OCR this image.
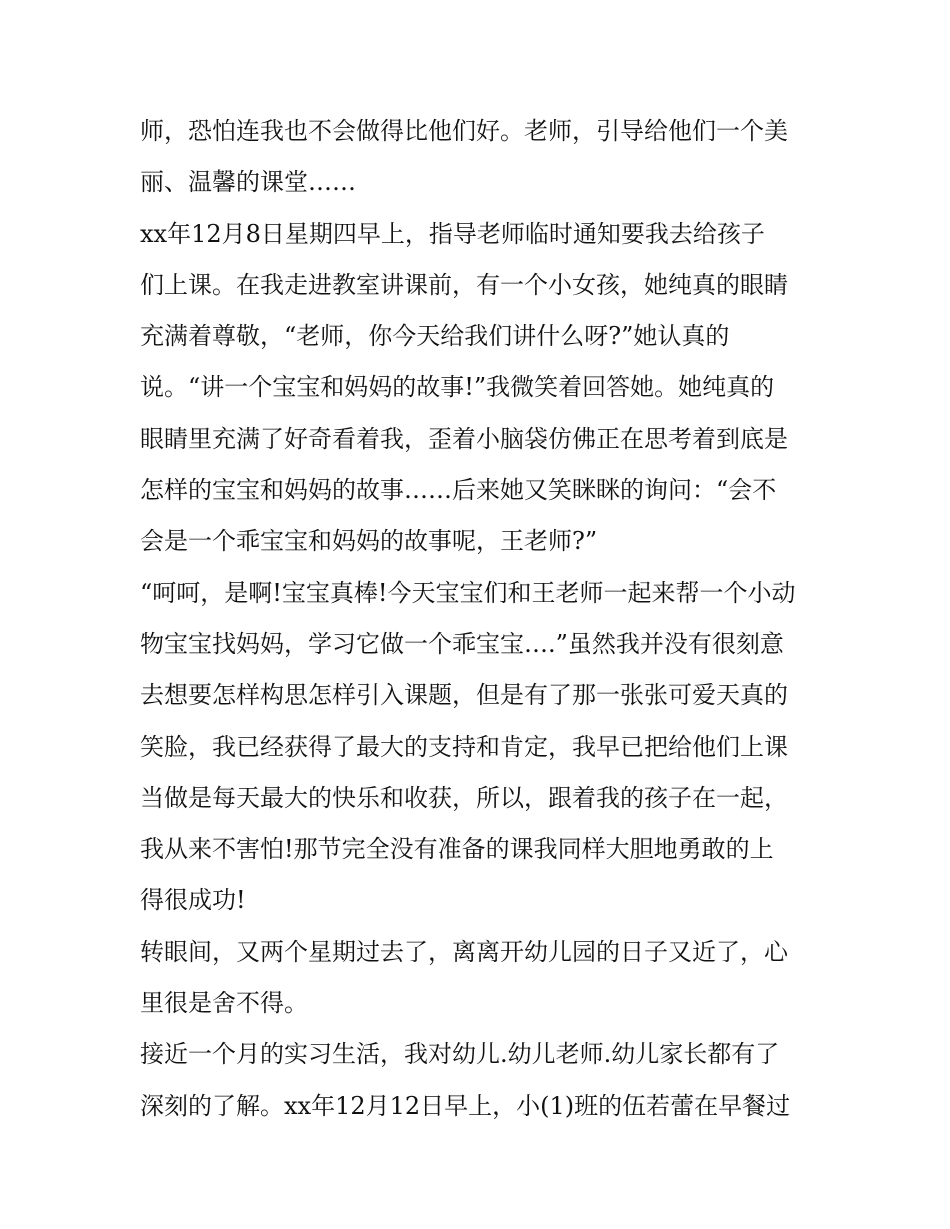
师，恐怕连我也不会做得比他们好。老师，引导给他们一个美
丽、温馨的课堂……
xx年12月8日星期四早上，指导老师临时通知要我去给孩子
们上课。在我走进教室讲课前，有一个小女孩，她纯真的眼睛
充满着尊敬，“老师，你今天给我们讲什么呀?”她认真的
说。“讲一个宝宝和妈妈的故事!”我微笑着回答她。她纯真的
眼睛里充满了好奇看着我，歪着小脑袋仿佛正在思考着到底是
怎样的宝宝和妈妈的故事……后来她又笑眯眯的询问：“会不
会是一个乖宝宝和妈妈的故事呢，王老师?”
“呵呵，是啊!宝宝真棒!今天宝宝们和王老师一起来帮一个小动
物宝宝找妈妈，学习它做一个乖宝宝….”虽然我并没有很刻意
去想要怎样构思怎样引入课题，但是有了那一张张可爱天真的
笑脸，我已经获得了最大的支持和肯定，我早已把给他们上课
当做是每天最大的快乐和收获，所以，跟着我的孩子在一起，
我从来不害怕!那节完全没有准备的课我同样大胆地勇敢的上
得很成功!
转眼间，又两个星期过去了，离离开幼儿园的日子又近了，心
里很是舍不得。
接近一个月的实习生活，我对幼儿.幼儿老师.幼儿家长都有了
深刻的了解。xx年12月12日早上，小(1)班的伍若蕾在早餐过
